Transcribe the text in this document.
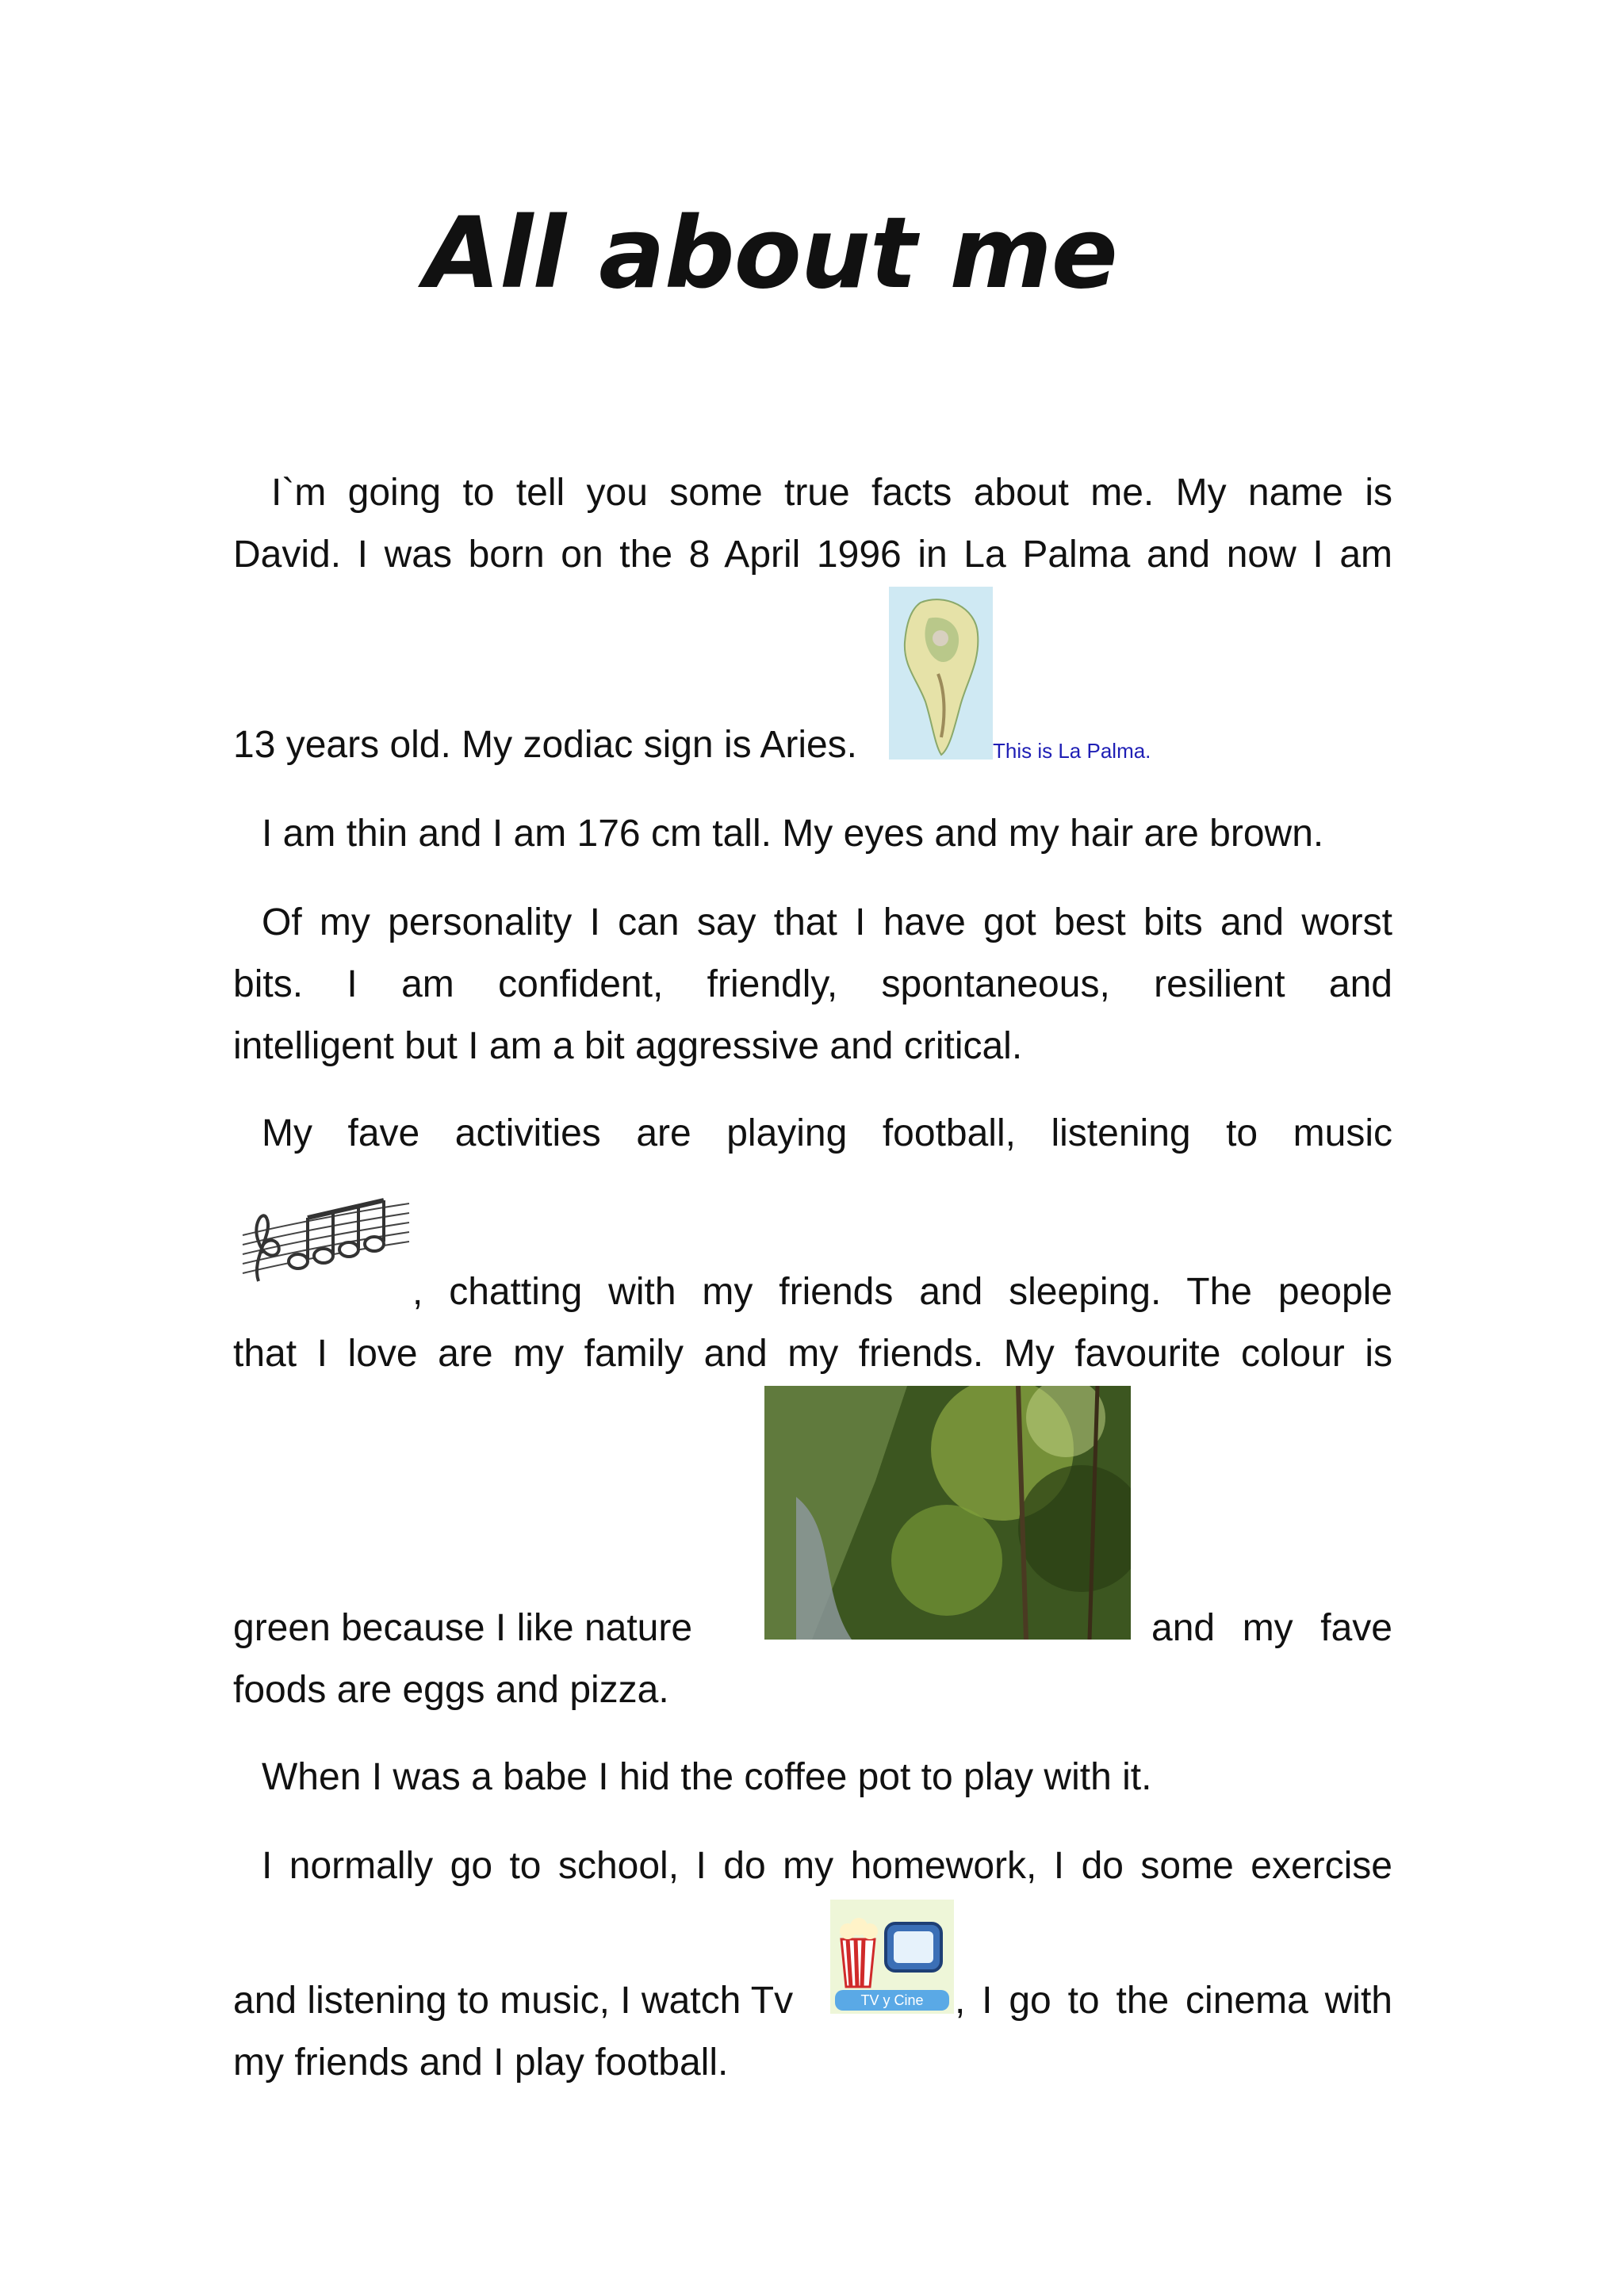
All about me
I`m going to tell you some true facts about me. My name is
David. I was born on the 8 April 1996 in La Palma and now I am
13 years old. My zodiac sign is Aries.	This is La Palma.
I am thin and I am 176 cm tall. My eyes and my hair are brown.
Of my personality I can say that I have got best bits and worst
bits. I am confident, friendly, spontaneous, resilient and
intelligent but I am a bit aggressive and critical.
My fave activities are playing football, listening to music
, chatting with my friends and sleeping. The people
that I love are my family and my friends. My favourite colour is
green because I like nature	and my fave
foods are eggs and pizza.
When I was a babe I hid the coffee pot to play with it.
I normally go to school, I do my homework, I do some exercise
TV y Cine
and listening to music, I watch Tv	, I go to the cinema with
my friends and I play football.
